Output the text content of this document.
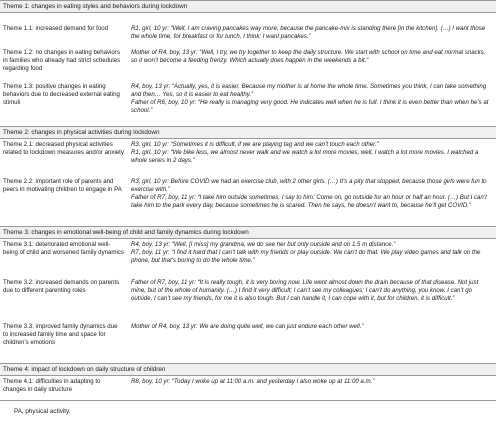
Theme 1: changes in eating styles and behaviors during lockdown
Theme 1.1: increased demand for food	R1, girl, 10 yr: “Well, I am craving pancakes way more, because the pancake-mix is standing there [in the kitchen]. (…) I want those the whole time, for breakfast or for lunch, I think: I want pancakes.”
Theme 1.2: no changes in eating behaviors in families who already had strict schedules regarding food
Mother of R4, boy, 13 yr: “Well, I try, we try together to keep the daily structure. We start with school on time and eat normal snacks, so it won’t become a feeding frenzy. Which actually does happen in the weekends a bit.”
Theme 1.3: positive changes in eating behaviors due to decreased external eating stimuli
R4, boy, 13 yr: “Actually, yes, it is easier. Because my mother is at home the whole time. Sometimes you think, I can take something and then… Yes, so it is easier to eat healthy.”
Father of R6, boy, 10 yr: “He really is managing very good. He indicates well when he is full. I think it is even better than when he’s at school.”
Theme 2: changes in physical activities during lockdown
Theme 2.1: decreased physical activities related to lockdown measures and/or anxiety
R3, girl, 10 yr: “Sometimes it is difficult, if we are playing tag and we can’t touch each other.”
R1, girl, 10 yr: “We bike less, we almost never walk and we watch a lot more movies, well, I watch a lot more movies. I watched a whole series in 2 days.”
Theme 2.2: important role of parents and peers in motivating children to engage in PA
R3, girl, 10 yr: Before COVID we had an exercise club, with 2 other girls. (…) It’s a pity that stopped, because those girls were fun to exercise with.”
Father of R7, boy, 11 yr: “I take him outside sometimes, I say to him: Come on, go outside for an hour or half an hour. (…) But I can’t take him to the park every day, because sometimes he is scared. Then he says, he doesn’t want to, because he’ll get COVID.”
Theme 3: changes in emotional well-being of child and family dynamics during lockdown
Theme 3.1: deteriorated emotional well-being of child and worsened family dynamics
R4, boy, 13 yr: “Well, [I miss] my grandma, we do see her but only outside and on 1.5 m distance.”
R7, boy, 11 yr: “I find it hard that I can’t talk with my friends or play outside. We can’t do that. We play video games and talk on the phone, but that’s boring to do the whole time.”
Theme 3.2: increased demands on parents due to different parenting roles
Father of R7, boy, 11 yr: “It is really tough, it is very boring now. Life went almost down the drain because of that disease. Not just mine, but of the whole of humanity. (…) I find it very difficult; I can’t see my colleagues; I can’t do anything, you know. I can’t go outside, I can’t see my friends, for me it is also tough. But I can handle it, I can cope with it, but for children, it is difficult.”
Theme 3.3: improved family dynamics due to increased family time and space for children’s emotions
Mother of R4, boy, 13 yr: We are doing quite well, we can just endure each other well.”
Theme 4: impact of lockdown on daily structure of children
Theme 4.1: difficulties in adapting to changes in daily structure
R8, boy, 10 yr: “Today I woke up at 11:00 a.m. and yesterday I also woke up at 11:00 a.m.”
PA, physical activity.
